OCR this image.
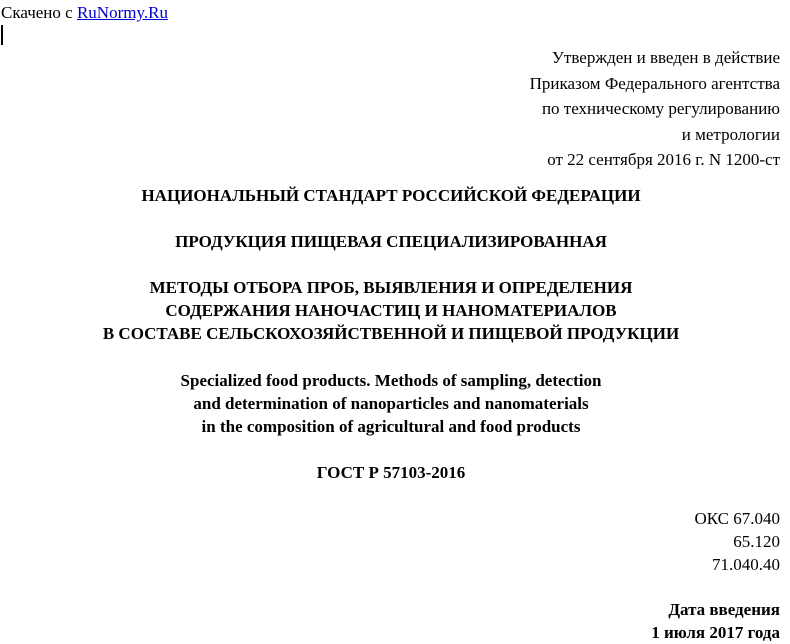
Скачено с RuNormy.Ru
Утвержден и введен в действие
Приказом Федерального агентства
по техническому регулированию
и метрологии
от 22 сентября 2016 г. N 1200-ст
НАЦИОНАЛЬНЫЙ СТАНДАРТ РОССИЙСКОЙ ФЕДЕРАЦИИ
ПРОДУКЦИЯ ПИЩЕВАЯ СПЕЦИАЛИЗИРОВАННАЯ
МЕТОДЫ ОТБОРА ПРОБ, ВЫЯВЛЕНИЯ И ОПРЕДЕЛЕНИЯ
СОДЕРЖАНИЯ НАНОЧАСТИЦ И НАНОМАТЕРИАЛОВ
В СОСТАВЕ СЕЛЬСКОХОЗЯЙСТВЕННОЙ И ПИЩЕВОЙ ПРОДУКЦИИ
Specialized food products. Methods of sampling, detection
and determination of nanoparticles and nanomaterials
in the composition of agricultural and food products
ГОСТ Р 57103-2016
ОКС 67.040
65.120
71.040.40
Дата введения
1 июля 2017 года
